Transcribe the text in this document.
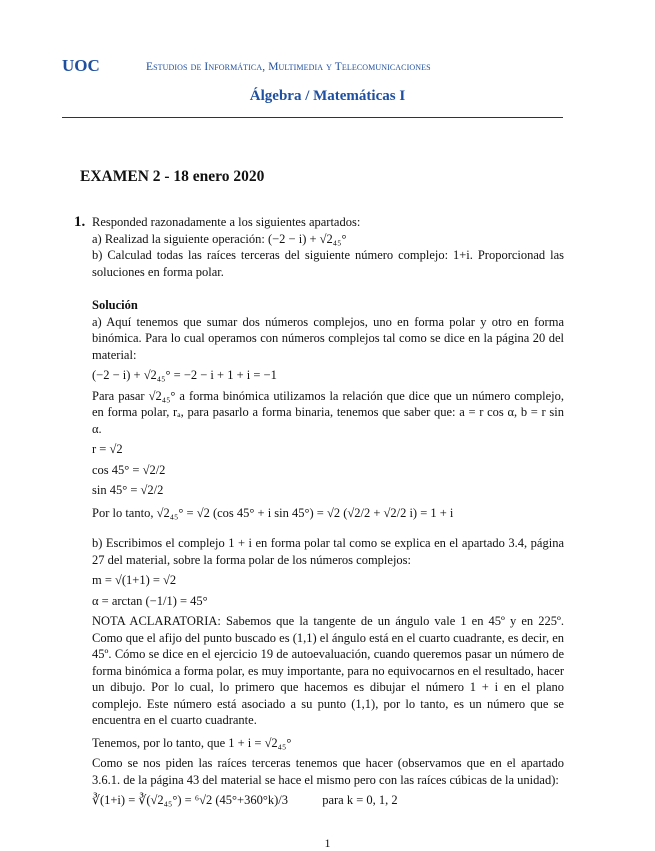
UOC	Estudios de Informática, Multimedia y Telecomunicaciones
Álgebra / Matemáticas I
EXAMEN 2 - 18 enero 2020
1. Responded razonadamente a los siguientes apartados:

a) Realizad la siguiente operación: (−2 − i) + √2₄₅°

b) Calculad todas las raíces terceras del siguiente número complejo: 1+i. Proporcionad las soluciones en forma polar.

Solución

a) Aquí tenemos que sumar dos números complejos, uno en forma polar y otro en forma binómica. Para lo cual operamos con números complejos tal como se dice en la página 20 del material:

(−2 − i) + √2₄₅° = −2 − i + 1 + i = −1

Para pasar √2₄₅° a forma binómica utilizamos la relación que dice que un número complejo, en forma polar, rₐ, para pasarlo a forma binaria, tenemos que saber que: a = r cos α, b = r sin α.

r = √2

cos 45° = √2/2

sin 45° = √2/2

Por lo tanto, √2₄₅° = √2 (cos 45° + i sin 45°) = √2 (√2/2 + √2/2 i) = 1 + i

b) Escribimos el complejo 1 + i en forma polar tal como se explica en el apartado 3.4, página 27 del material, sobre la forma polar de los números complejos:

m = √(1+1) = √2

α = arctan (−1/1) = 45°

NOTA ACLARATORIA: Sabemos que la tangente de un ángulo vale 1 en 45º y en 225º. Como que el afijo del punto buscado es (1,1) el ángulo está en el cuarto cuadrante, es decir, en 45º. Cómo se dice en el ejercicio 19 de autoevaluación, cuando queremos pasar un número de forma binómica a forma polar, es muy importante, para no equivocarnos en el resultado, hacer un dibujo. Por lo cual, lo primero que hacemos es dibujar el número 1 + i en el plano complejo. Este número está asociado a su punto (1,1), por lo tanto, es un número que se encuentra en el cuarto cuadrante.

Tenemos, por lo tanto, que 1 + i = √2₄₅°

Como se nos piden las raíces terceras tenemos que hacer (observamos que en el apartado 3.6.1. de la página 43 del material se hace el mismo pero con las raíces cúbicas de la unidad):

∛(1+i) = ∛(√2₄₅°) = ⁶√2 (45°+360°k)/3	para k = 0, 1, 2

1
